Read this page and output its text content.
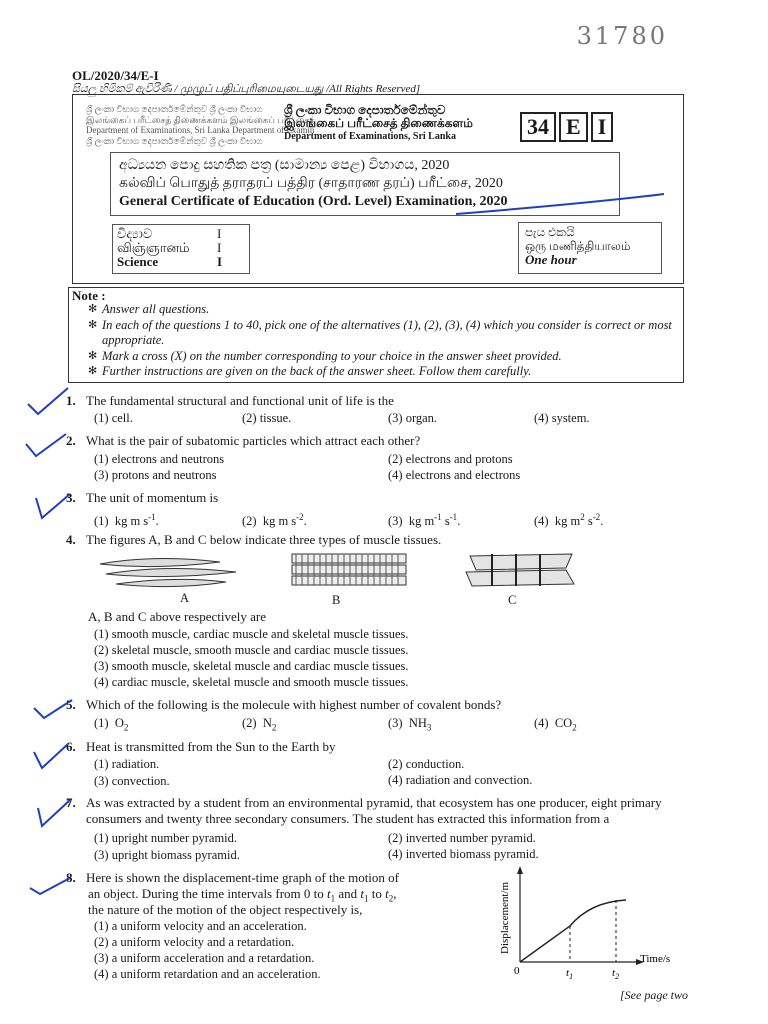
31780
OL/2020/34/E-I
සියලු හිමිකම් ඇවිරිණි / முழுப் பதிப்புரிமையுடையது /All Rights Reserved]
ශ්‍රී ලංකා විභාග දෙපාර්තමේන්තුව ශ්‍රී ලංකා විභාග
இலங்கைப் பரீட்சைத் திணைக்களம் இலங்கைப் பரீட்சைத்
Department of Examinations, Sri Lanka Department of Examin
ශ්‍රී ලංකා විභාග දෙපාර්තමේන්තුව ශ්‍රී ලංකා විභාග
ශ්‍රී ලංකා විභාග දෙපාර්තමේන්තුව
இலங்கைப் பரீட்சைத் திணைக்களம்
Department of Examinations, Sri Lanka	34 E I
අධ්‍යයන පොදු සහතික පත්‍ර (සාමාන්‍ය පෙළ) විභාගය, 2020
கல்விப் பொதுத் தராதரப் பத்திர (சாதாரண தரப்) பரீட்சை, 2020
General Certificate of Education (Ord. Level) Examination, 2020
විද්‍යාව	I
விஞ்ஞானம் I
Science	I
පැය එකයි
ஒரு மணித்தியாலம்
One hour
Note :
✻ Answer all questions.
✻ In each of the questions 1 to 40, pick one of the alternatives (1), (2), (3), (4) which you consider is correct or most appropriate.
✻ Mark a cross (X) on the number corresponding to your choice in the answer sheet provided.
✻ Further instructions are given on the back of the answer sheet. Follow them carefully.
1. The fundamental structural and functional unit of life is the
(1) cell.	(2) tissue.	(3) organ.	(4) system.
2. What is the pair of subatomic particles which attract each other?
(1) electrons and neutrons	(2) electrons and protons
(3) protons and neutrons	(4) electrons and electrons
3. The unit of momentum is
(1) kg m $s^{-1}$.	(2) kg m $s^{-2}$.	(3) kg $m^{-1}$ $s^{-1}$.	(4) kg $m^2$ $s^{-2}$.
4. The figures A, B and C below indicate three types of muscle tissues.
A	B	C
A, B and C above respectively are
(1) smooth muscle, cardiac muscle and skeletal muscle tissues.
(2) skeletal muscle, smooth muscle and cardiac muscle tissues.
(3) smooth muscle, skeletal muscle and cardiac muscle tissues.
(4) cardiac muscle, skeletal muscle and smooth muscle tissues.
5. Which of the following is the molecule with highest number of covalent bonds?
(1) $O_2$	(2) $N_2$	(3) $NH_3$	(4) $CO_2$
6. Heat is transmitted from the Sun to the Earth by
(1) radiation.	(2) conduction.
(3) convection.	(4) radiation and convection.
7. As was extracted by a student from an environmental pyramid, that ecosystem has one producer, eight primary
consumers and twenty three secondary consumers. The student has extracted this information from a
(1) upright number pyramid.	(2) inverted number pyramid.
(3) upright biomass pyramid.	(4) inverted biomass pyramid.
8. Here is shown the displacement-time graph of the motion of
an object. During the time intervals from 0 to $t_1$ and $t_1$ to $t_2$,
the nature of the motion of the object respectively is,
(1) a uniform velocity and an acceleration.
(2) a uniform velocity and a retardation.
(3) a uniform acceleration and a retardation.
(4) a uniform retardation and an acceleration.
Displacement/m
Time/s
0	$t_1$	$t_2$
[See page two
